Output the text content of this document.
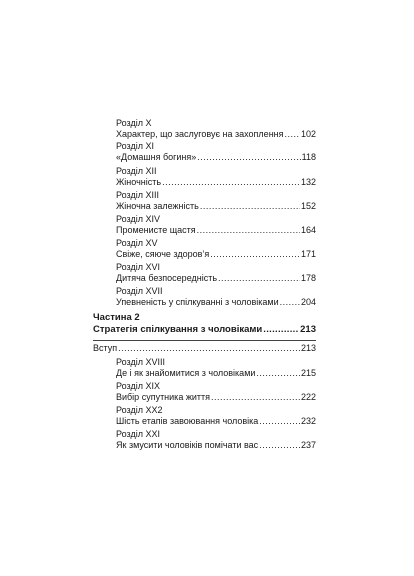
Розділ X
Характер, що заслуговує на захоплення ..... 102
Розділ XI
«Домашня богиня» .....	118
Розділ XII
Жіночність .....	132
Розділ XIII
Жіночна залежність .....	152
Розділ XIV
Променисте щастя .....	164
Розділ XV
Свіже, сяюче здоров’я .....	171
Розділ XVI
Дитяча безпосередність .....	178
Розділ XVII
Упевненість у спілкуванні з чоловіками ..... 204
Частина 2
Стратегія спілкування з чоловіками .....	213
Вступ .....	213
Розділ XVIII
Де і як знайомитися з чоловіками .....	215
Розділ XIX
Вибір супутника життя .....	222
Розділ XX2
Шість етапів завоювання чоловіка .....	232
Розділ XXI
Як змусити чоловіків помічати вас .....	237
